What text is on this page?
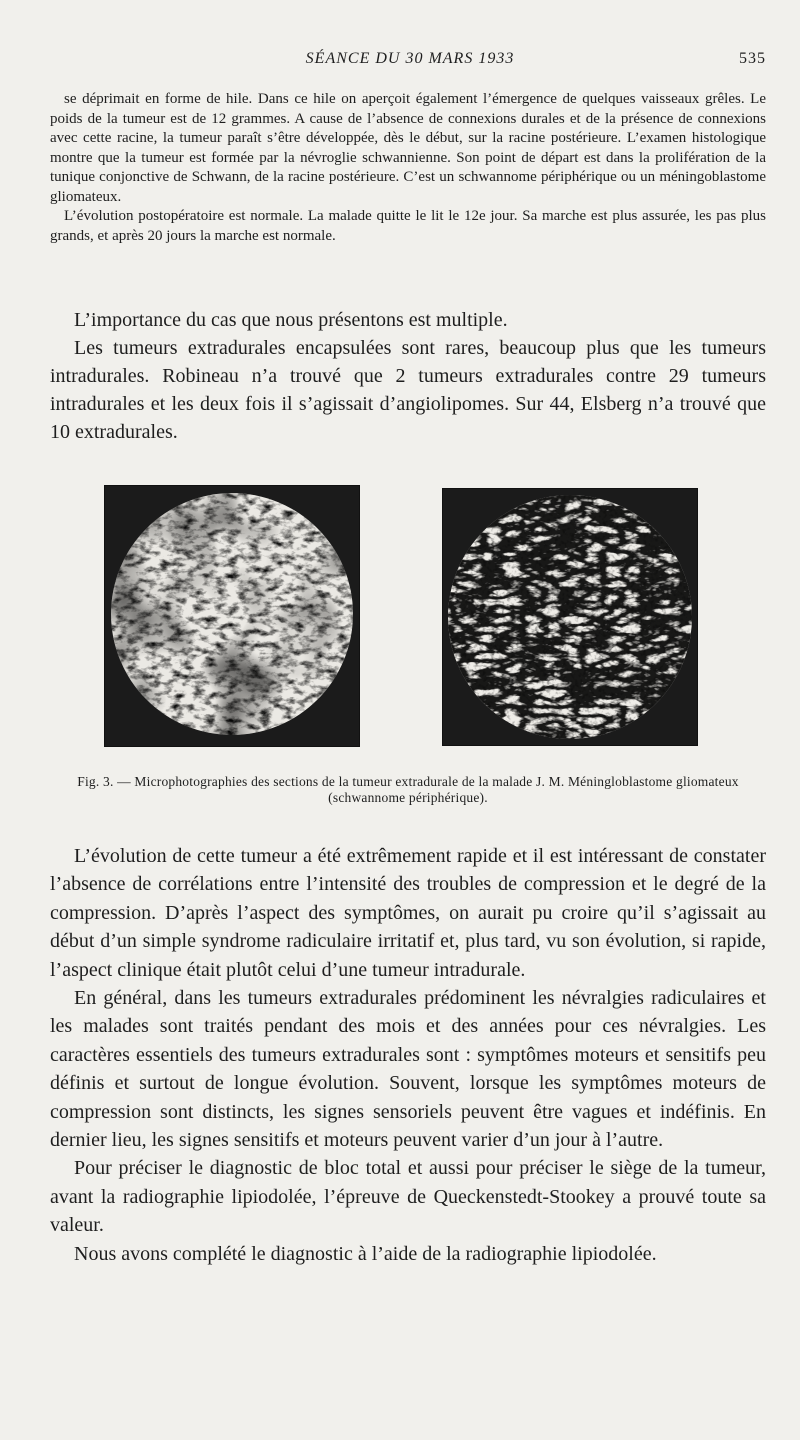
SÉANCE DU 30 MARS 1933	535

se déprimait en forme de hile. Dans ce hile on aperçoit également l’émergence de quelques vaisseaux grêles. Le poids de la tumeur est de 12 grammes. A cause de l’absence de connexions durales et de la présence de connexions avec cette racine, la tumeur paraît s’être développée, dès le début, sur la racine postérieure. L’examen histologique montre que la tumeur est formée par la névroglie schwannienne. Son point de départ est dans la prolifération de la tunique conjonctive de Schwann, de la racine postérieure. C’est un schwannome périphérique ou un méningoblastome gliomateux.

L’évolution postopératoire est normale. La malade quitte le lit le 12e jour. Sa marche est plus assurée, les pas plus grands, et après 20 jours la marche est normale.

L’importance du cas que nous présentons est multiple.

Les tumeurs extradurales encapsulées sont rares, beaucoup plus que les tumeurs intradurales. Robineau n’a trouvé que 2 tumeurs extradurales contre 29 tumeurs intradurales et les deux fois il s’agissait d’angiolipomes. Sur 44, Elsberg n’a trouvé que 10 extradurales.

Fig. 3. — Microphotographies des sections de la tumeur extradurale de la malade J. M. Méningloblastome gliomateux (schwannome périphérique).

L’évolution de cette tumeur a été extrêmement rapide et il est intéressant de constater l’absence de corrélations entre l’intensité des troubles de compression et le degré de la compression. D’après l’aspect des symptômes, on aurait pu croire qu’il s’agissait au début d’un simple syndrome radiculaire irritatif et, plus tard, vu son évolution, si rapide, l’aspect clinique était plutôt celui d’une tumeur intradurale.

En général, dans les tumeurs extradurales prédominent les névralgies radiculaires et les malades sont traités pendant des mois et des années pour ces névralgies. Les caractères essentiels des tumeurs extradurales sont : symptômes moteurs et sensitifs peu définis et surtout de longue évolution. Souvent, lorsque les symptômes moteurs de compression sont distincts, les signes sensoriels peuvent être vagues et indéfinis. En dernier lieu, les signes sensitifs et moteurs peuvent varier d’un jour à l’autre.

Pour préciser le diagnostic de bloc total et aussi pour préciser le siège de la tumeur, avant la radiographie lipiodolée, l’épreuve de Queckenstedt-Stookey a prouvé toute sa valeur.

Nous avons complété le diagnostic à l’aide de la radiographie lipiodolée.
